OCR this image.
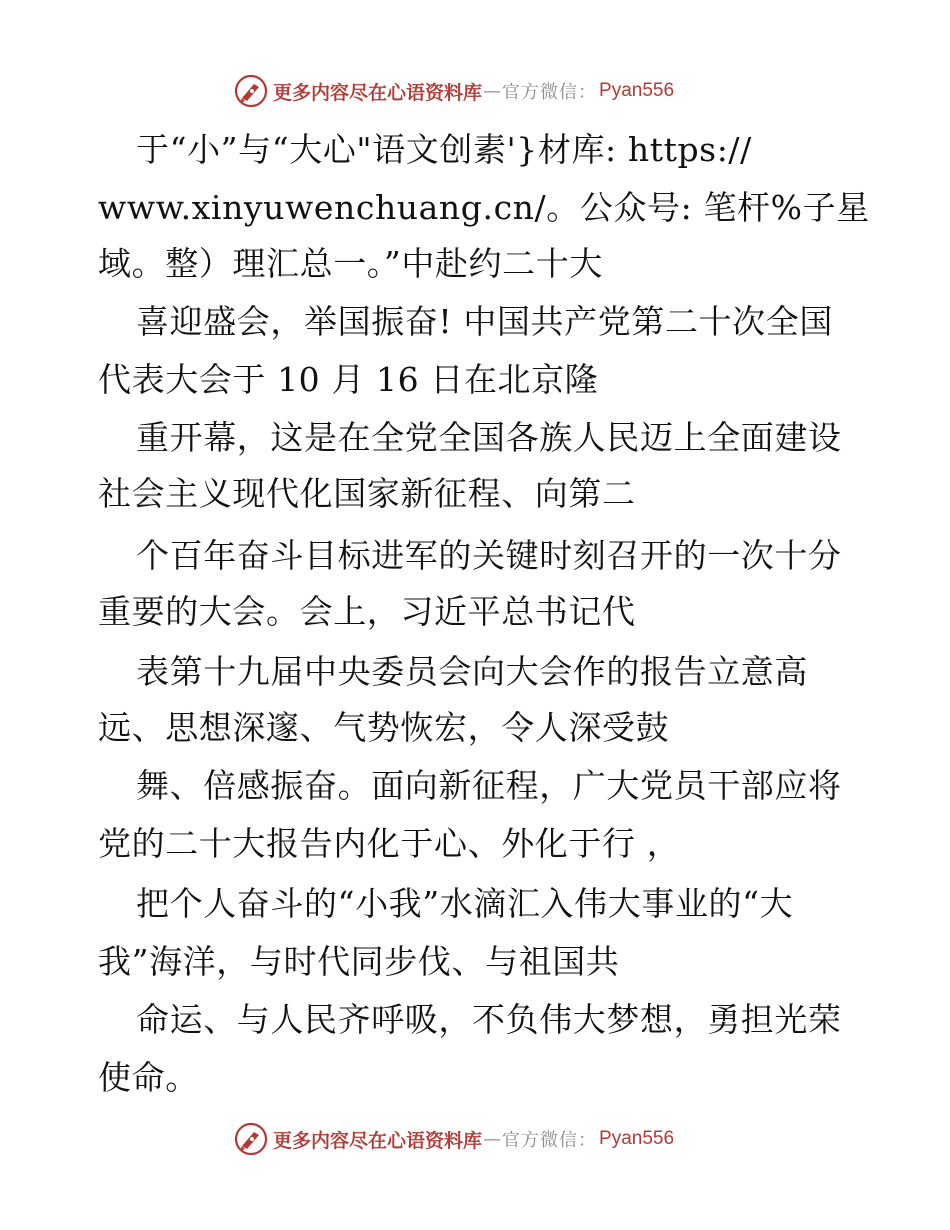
更多内容尽在心语资料库 — 官方微信： Pyan556
于“小”与“大心"语文创素'}材库: https://
www.xinyuwenchuang.cn/。公众号: 笔杆%子星
域。整）理汇总一。”中赴约二十大
喜迎盛会，举国振奋! 中国共产党第二十次全国
代表大会于 10 月 16 日在北京隆
重开幕，这是在全党全国各族人民迈上全面建设
社会主义现代化国家新征程、向第二
个百年奋斗目标进军的关键时刻召开的一次十分
重要的大会。会上，习近平总书记代
表第十九届中央委员会向大会作的报告立意高
远、思想深邃、气势恢宏，令人深受鼓
舞、倍感振奋。面向新征程，广大党员干部应将
党的二十大报告内化于心、外化于行 ，
把个人奋斗的“小我”水滴汇入伟大事业的“大
我”海洋，与时代同步伐、与祖国共
命运、与人民齐呼吸，不负伟大梦想，勇担光荣
使命。
更多内容尽在心语资料库 — 官方微信： Pyan556
